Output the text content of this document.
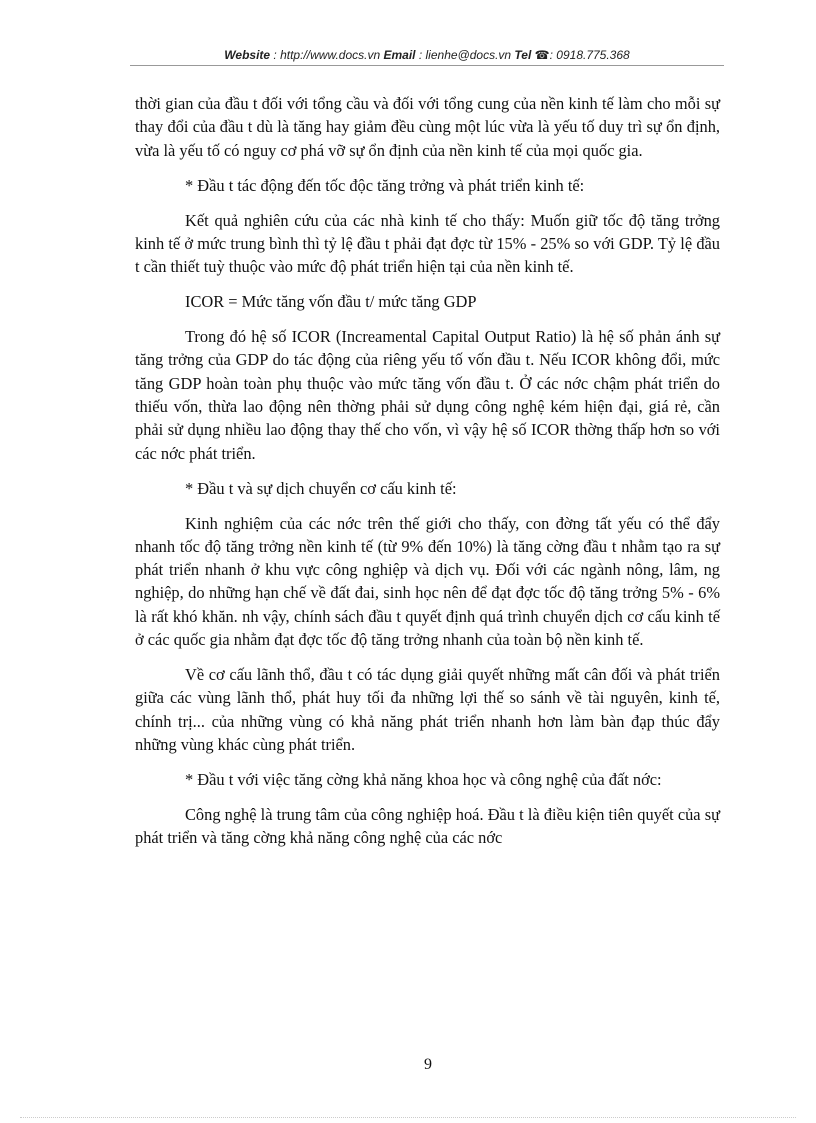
Website : http://www.docs.vn Email : lienhe@docs.vn Tel ☎: 0918.775.368

thời gian của đầu t đối với tổng cầu và đối với tổng cung của nền kinh tế làm cho mỗi sự thay đổi của đầu t dù là tăng hay giảm đều cùng một lúc vừa là yếu tố duy trì sự ổn định, vừa là yếu tố có nguy cơ phá vỡ sự ổn định của nền kinh tế của mọi quốc gia.

* Đầu t tác động đến tốc độc tăng trởng và phát triển kinh tế:

Kết quả nghiên cứu của các nhà kinh tế cho thấy: Muốn giữ tốc độ tăng trởng kinh tế ở mức trung bình thì tỷ lệ đầu t phải đạt đợc từ 15% - 25% so với GDP. Tỷ lệ đầu t cần thiết tuỳ thuộc vào mức độ phát triển hiện tại của nền kinh tế.

ICOR = Mức tăng vốn đầu t/ mức tăng GDP

Trong đó hệ số ICOR (Increamental Capital Output Ratio) là hệ số phản ánh sự tăng trởng của GDP do tác động của riêng yếu tố vốn đầu t. Nếu ICOR không đổi, mức tăng GDP hoàn toàn phụ thuộc vào mức tăng vốn đầu t. Ở các nớc chậm phát triển do thiếu vốn, thừa lao động nên thờng phải sử dụng công nghệ kém hiện đại, giá rẻ, cần phải sử dụng nhiều lao động thay thế cho vốn, vì vậy hệ số ICOR thờng thấp hơn so với các nớc phát triển.

* Đầu t và sự dịch chuyển cơ cấu kinh tế:

Kinh nghiệm của các nớc trên thế giới cho thấy, con đờng tất yếu có thể đẩy nhanh tốc độ tăng trởng nền kinh tế (từ 9% đến 10%) là tăng cờng đầu t nhằm tạo ra sự phát triển nhanh ở khu vực công nghiệp và dịch vụ. Đối với các ngành nông, lâm, ng nghiệp, do những hạn chế về đất đai, sinh học nên để đạt đợc tốc độ tăng trởng 5% - 6% là rất khó khăn. nh vậy, chính sách đầu t quyết định quá trình chuyển dịch cơ cấu kinh tế ở các quốc gia nhằm đạt đợc tốc độ tăng trởng nhanh của toàn bộ nền kinh tế.

Về cơ cấu lãnh thổ, đầu t có tác dụng giải quyết những mất cân đối và phát triển giữa các vùng lãnh thổ, phát huy tối đa những lợi thế so sánh về tài nguyên, kinh tế, chính trị... của những vùng có khả năng phát triển nhanh hơn làm bàn đạp thúc đẩy những vùng khác cùng phát triển.

* Đầu t với việc tăng cờng khả năng khoa học và công nghệ của đất nớc:

Công nghệ là trung tâm của công nghiệp hoá. Đầu t là điều kiện tiên quyết của sự phát triển và tăng cờng khả năng công nghệ của các nớc

9
